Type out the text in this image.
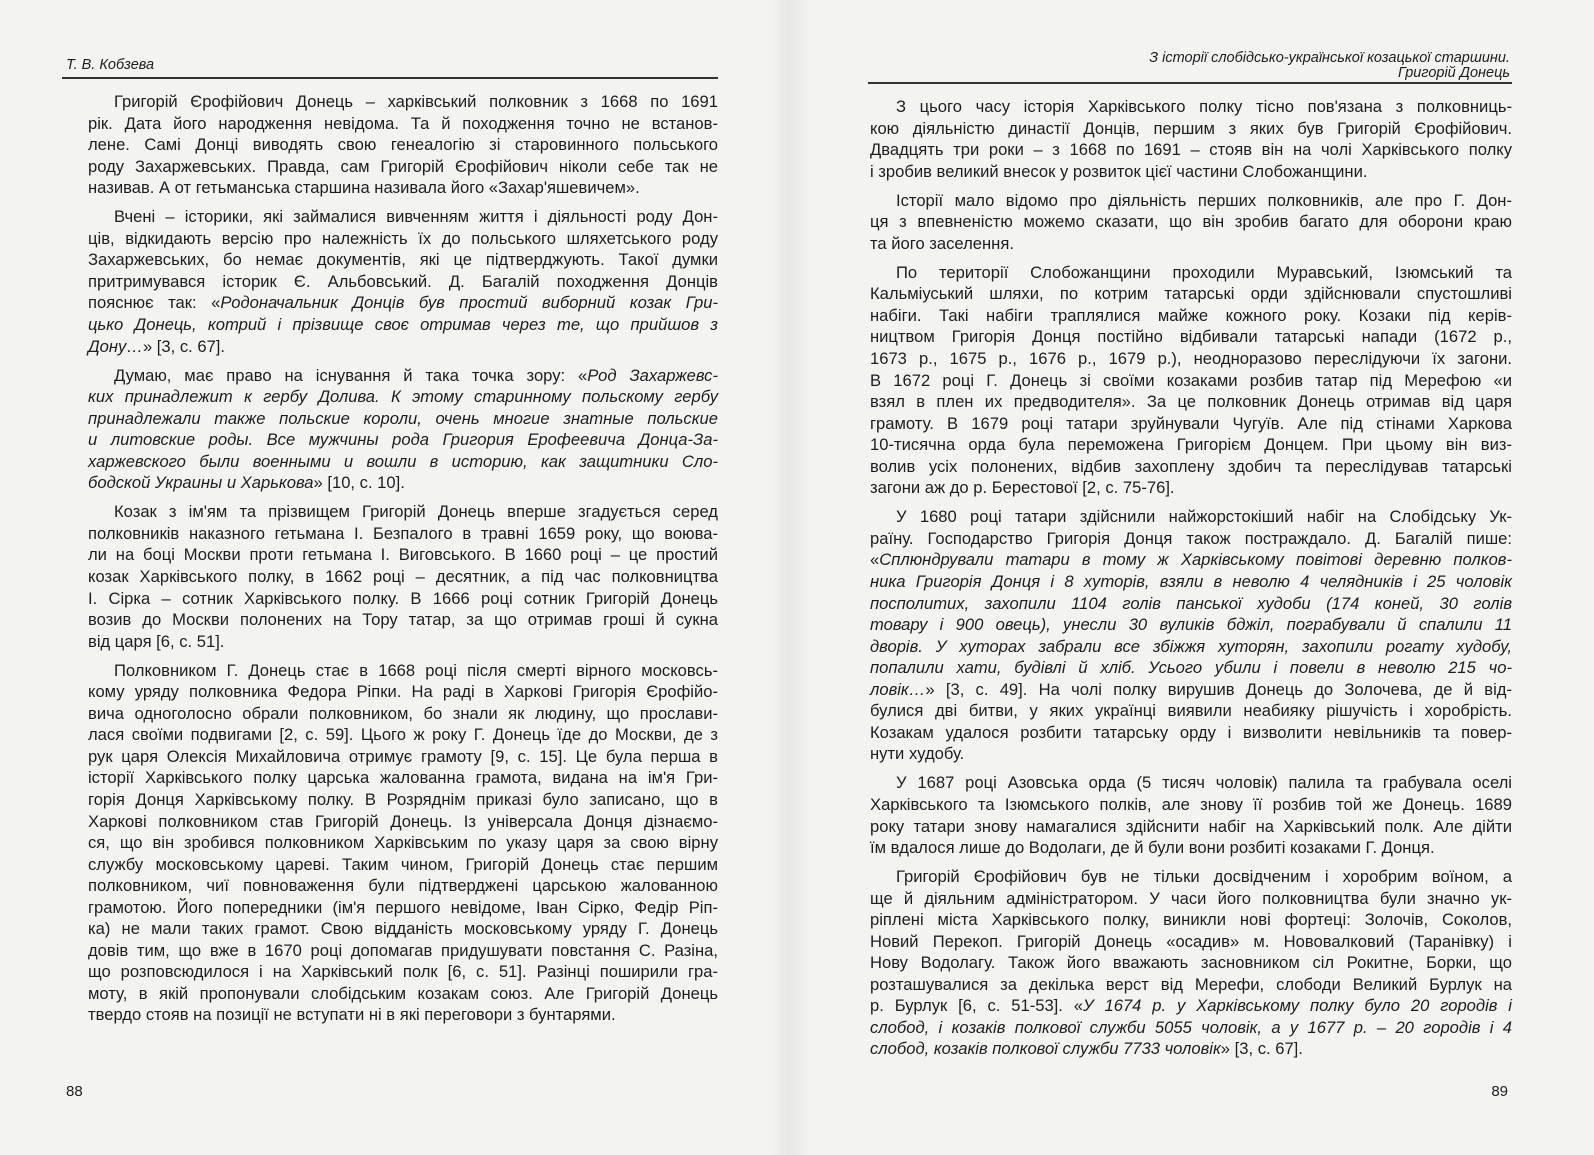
Т. В. Кобзева
Григорій Єрофійович Донець – харківський полковник з 1668 по 1691
рік. Дата його народження невідома. Та й походження точно не встанов-
лене. Самі Донці виводять свою генеалогію зі старовинного польського
роду Захаржевських. Правда, сам Григорій Єрофійович ніколи себе так не
називав. А от гетьманська старшина називала його «Захар'яшевичем».
Вчені – історики, які займалися вивченням життя і діяльності роду Дон-
ців, відкидають версію про належність їх до польського шляхетського роду
Захаржевських, бо немає документів, які це підтверджують. Такої думки
притримувався історик Є. Альбовський. Д. Багалій походження Донців
пояснює так: «Родоначальник Донців був простий виборний козак Гри-
цько Донець, котрий і прізвище своє отримав через те, що прийшов з
Дону…» [3, с. 67].
Думаю, має право на існування й така точка зору: «Род Захаржевс-
ких принадлежит к гербу Долива. К этому старинному польскому гербу
принадлежали также польские короли, очень многие знатные польские
и литовские роды. Все мужчины рода Григория Ерофеевича Донца-За-
харжевского были военными и вошли в историю, как защитники Сло-
бодской Украины и Харькова» [10, с. 10].
Козак з ім'ям та прізвищем Григорій Донець вперше згадується серед
полковників наказного гетьмана І. Безпалого в травні 1659 року, що воюва-
ли на боці Москви проти гетьмана І. Виговського. В 1660 році – це простий
козак Харківського полку, в 1662 році – десятник, а під час полковництва
І. Сірка – сотник Харківського полку. В 1666 році сотник Григорій Донець
возив до Москви полонених на Тору татар, за що отримав гроші й сукна
від царя [6, с. 51].
Полковником Г. Донець стає в 1668 році після смерті вірного московсь-
кому уряду полковника Федора Ріпки. На раді в Харкові Григорія Єрофійо-
вича одноголосно обрали полковником, бо знали як людину, що прослави-
лася своїми подвигами [2, с. 59]. Цього ж року Г. Донець їде до Москви, де з
рук царя Олексія Михайловича отримує грамоту [9, с. 15]. Це була перша в
історії Харківського полку царська жалованна грамота, видана на ім'я Гри-
горія Донця Харківському полку. В Розряднім приказі було записано, що в
Харкові полковником став Григорій Донець. Із універсала Донця дізнаємо-
ся, що він зробився полковником Харківським по указу царя за свою вірну
службу московському цареві. Таким чином, Григорій Донець стає першим
полковником, чиї повноваження були підтверджені царською жалованною
грамотою. Його попередники (ім'я першого невідоме, Іван Сірко, Федір Ріп-
ка) не мали таких грамот. Свою відданість московському уряду Г. Донець
довів тим, що вже в 1670 році допомагав придушувати повстання С. Разіна,
що розповсюдилося і на Харківський полк [6, с. 51]. Разінці поширили гра-
моту, в якій пропонували слобідським козакам союз. Але Григорій Донець
твердо стояв на позиції не вступати ні в які переговори з бунтарями.
88
З історії слобідсько-української козацької старшини.
Григорій Донець
З цього часу історія Харківського полку тісно пов'язана з полковниць-
кою діяльністю династії Донців, першим з яких був Григорій Єрофійович.
Двадцять три роки – з 1668 по 1691 – стояв він на чолі Харківського полку
і зробив великий внесок у розвиток цієї частини Слобожанщини.
Історії мало відомо про діяльність перших полковників, але про Г. Дон-
ця з впевненістю можемо сказати, що він зробив багато для оборони краю
та його заселення.
По території Слобожанщини проходили Муравський, Ізюмський та
Кальміуський шляхи, по котрим татарські орди здійснювали спустошливі
набіги. Такі набіги траплялися майже кожного року. Козаки під керів-
ництвом Григорія Донця постійно відбивали татарські напади (1672 р.,
1673 р., 1675 р., 1676 р., 1679 р.), неодноразово переслідуючи їх загони.
В 1672 році Г. Донець зі своїми козаками розбив татар під Мерефою «и
взял в плен их предводителя». За це полковник Донець отримав від царя
грамоту. В 1679 році татари зруйнували Чугуїв. Але під стінами Харкова
10-тисячна орда була переможена Григорієм Донцем. При цьому він виз-
волив усіх полонених, відбив захоплену здобич та переслідував татарські
загони аж до р. Берестової [2, с. 75-76].
У 1680 році татари здійснили найжорстокіший набіг на Слобідську Ук-
раїну. Господарство Григорія Донця також постраждало. Д. Багалій пише:
«Сплюндрували татари в тому ж Харківському повітові деревню полков-
ника Григорія Донця і 8 хуторів, взяли в неволю 4 челядників і 25 чоловік
посполитих, захопили 1104 голів панської худоби (174 коней, 30 голів
товару і 900 овець), унесли 30 вуликів бджіл, пограбували й спалили 11
дворів. У хуторах забрали все збіжжя хуторян, захопили рогату худобу,
попалили хати, будівлі й хліб. Усього убили і повели в неволю 215 чо-
ловік…» [3, с. 49]. На чолі полку вирушив Донець до Золочева, де й від-
булися дві битви, у яких українці виявили неабияку рішучість і хоробрість.
Козакам удалося розбити татарську орду і визволити невільників та повер-
нути худобу.
У 1687 році Азовська орда (5 тисяч чоловік) палила та грабувала оселі
Харківського та Ізюмського полків, але знову її розбив той же Донець. 1689
року татари знову намагалися здійснити набіг на Харківський полк. Але дійти
їм вдалося лише до Водолаги, де й були вони розбиті козаками Г. Донця.
Григорій Єрофійович був не тільки досвідченим і хоробрим воїном, а
ще й діяльним адміністратором. У часи його полковництва були значно ук-
ріплені міста Харківського полку, виникли нові фортеці: Золочів, Соколов,
Новий Перекоп. Григорій Донець «осадив» м. Нововалковий (Таранівку) і
Нову Водолагу. Також його вважають засновником сіл Рокитне, Борки, що
розташувалися за декілька верст від Мерефи, слободи Великий Бурлук на
р. Бурлук [6, с. 51-53]. «У 1674 р. у Харківському полку було 20 городів і
слобод, і козаків полкової служби 5055 чоловік, а у 1677 р. – 20 городів і 4
слобод, козаків полкової служби 7733 чоловік» [3, с. 67].
89
